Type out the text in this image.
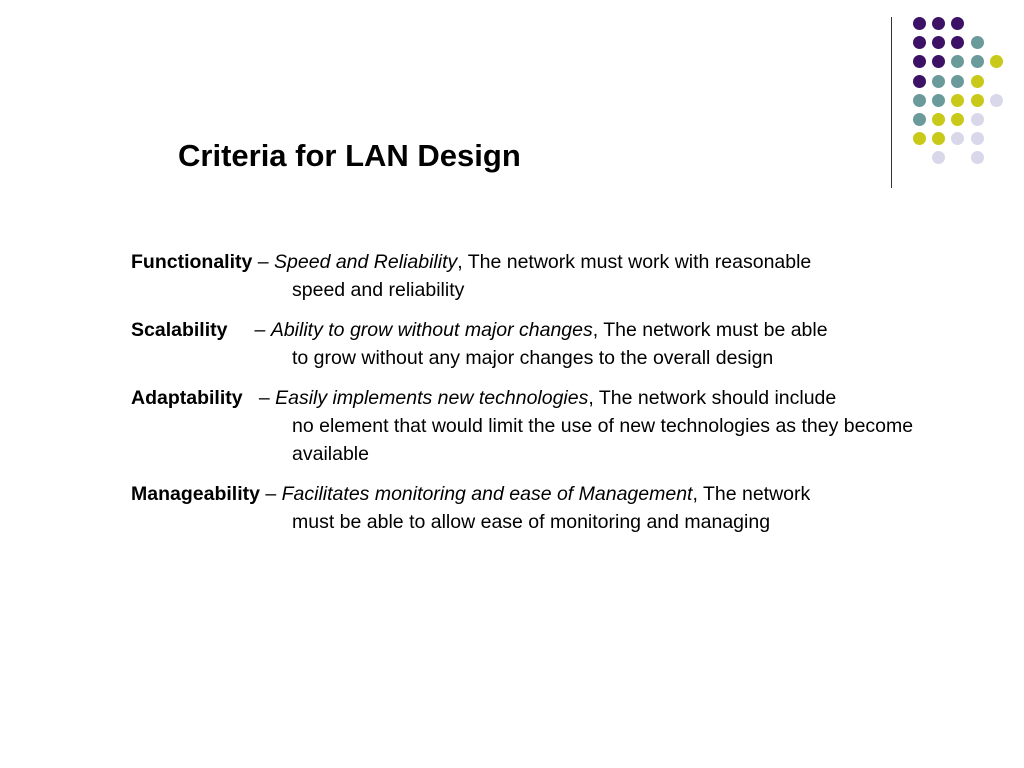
Criteria for LAN Design
Functionality – Speed and Reliability, The network must work with reasonable
speed and reliability
Scalability     – Ability to grow without major changes, The network must be able
to grow without any major changes to the overall design
Adaptability   – Easily implements new technologies, The network should include
no element that would limit the use of new technologies as they become available
Manageability – Facilitates monitoring and ease of Management, The network
must be able to allow ease of monitoring and managing
